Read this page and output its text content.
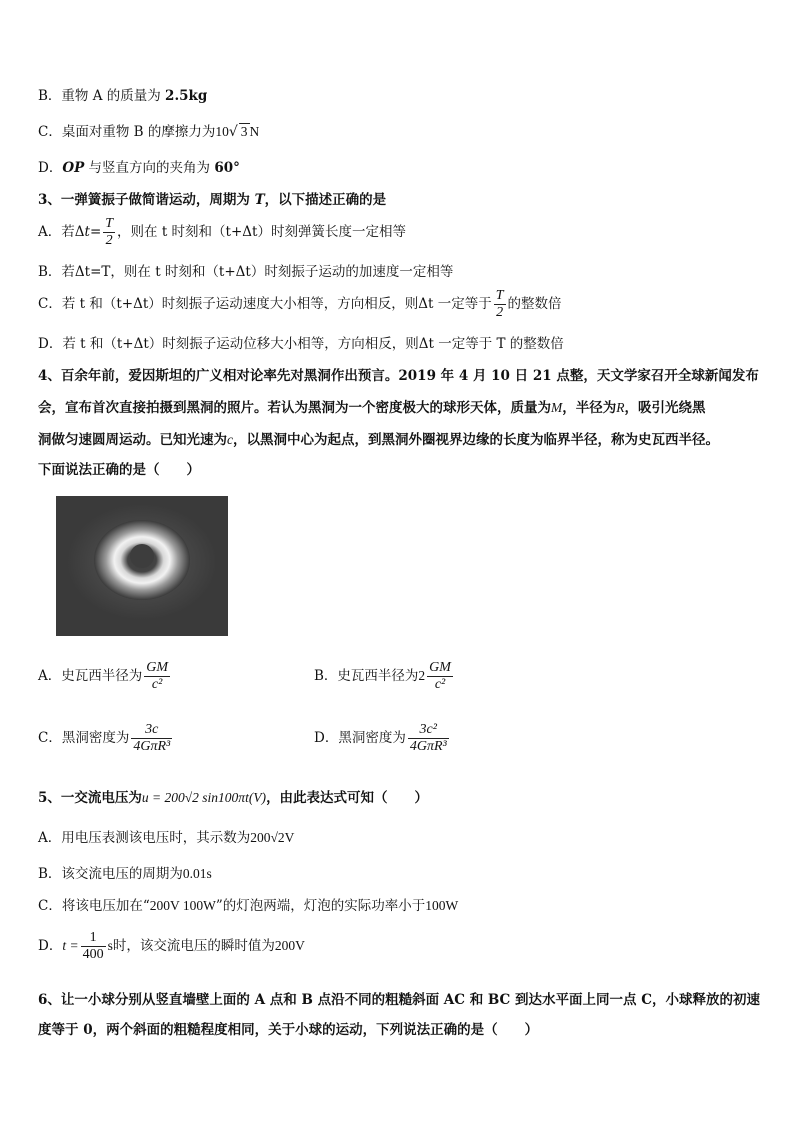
B．重物 A 的质量为 2.5kg
C．桌面对重物 B 的摩擦力为10√ 3 N
D．OP 与竖直方向的夹角为 60°
3、一弹簧振子做简谐运动，周期为 T，以下描述正确的是
A．若$\Delta t= \frac{T}{2}$ ，则在 t 时刻和（t+Δt）时刻弹簧长度一定相等
B．若Δt=T，则在 t 时刻和（t+Δt）时刻振子运动的加速度一定相等
C．若 t 和（t+Δt）时刻振子运动速度大小相等，方向相反，则Δt 一定等于 $\frac{T}{2}$ 的整数倍
D．若 t 和（t+Δt）时刻振子运动位移大小相等，方向相反，则Δt 一定等于 T 的整数倍
4、百余年前，爱因斯坦的广义相对论率先对黑洞作出预言。2019 年 4 月 10 日 21 点整，天文学家召开全球新闻发布
会，宣布首次直接拍摄到黑洞的照片。若认为黑洞为一个密度极大的球形天体，质量为M，半径为R，吸引光绕黑
洞做匀速圆周运动。已知光速为c，以黑洞中心为起点，到黑洞外圈视界边缘的长度为临界半径，称为史瓦西半径。
下面说法正确的是（　　）
A．史瓦西半径为 $\frac{GM}{\text{c²}}$	B．史瓦西半径为$2 \frac{GM}{\text{c²}}$
C．黑洞密度为 $\frac{3c}{\text{4GπR³}}$	D．黑洞密度为 $\frac{\text{3c²}}{\text{4GπR³}}$
5、一交流电压为u = 200√2 sin100πt(V)，由此表达式可知（　　）
A．用电压表测该电压时，其示数为200√2V
B．该交流电压的周期为0.01s
C．将该电压加在“200V 100W”的灯泡两端，灯泡的实际功率小于100W
D．$t = \frac{1}{400}$ s时，该交流电压的瞬时值为200V
6、让一小球分别从竖直墙壁上面的 A 点和 B 点沿不同的粗糙斜面 AC 和 BC 到达水平面上同一点 C，小球释放的初速
度等于 0，两个斜面的粗糙程度相同，关于小球的运动，下列说法正确的是（　　）
